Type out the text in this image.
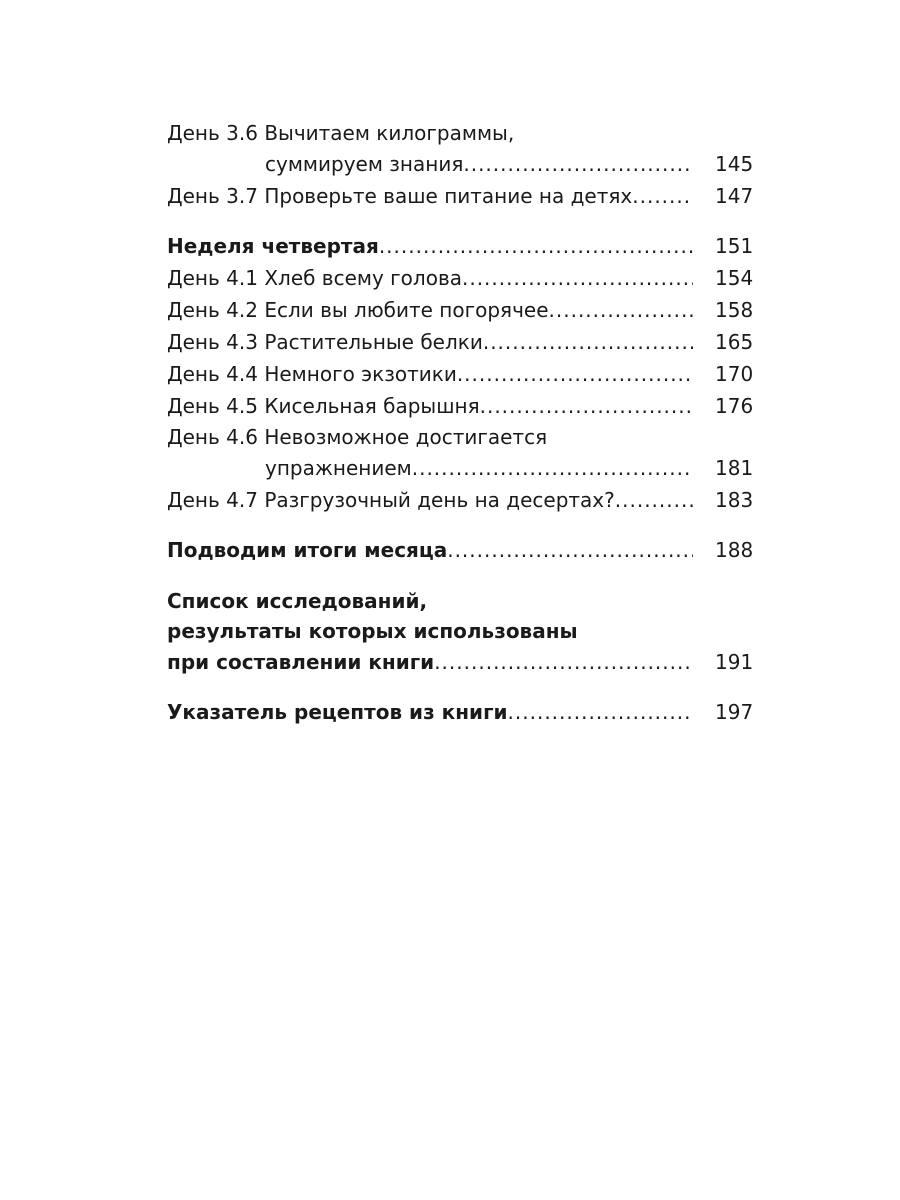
День 3.6 Вычитаем килограммы,
суммируем знания .....	145
День 3.7 Проверьте ваше питание на детях .....	147
Неделя четвертая .....	151
День 4.1 Хлеб всему голова .....	154
День 4.2 Если вы любите погорячее .....	158
День 4.3 Растительные белки .....	165
День 4.4 Немного экзотики .....	170
День 4.5 Кисельная барышня .....	176
День 4.6 Невозможное достигается
упражнением .....	181
День 4.7 Разгрузочный день на десертах? .....	183
Подводим итоги месяца .....	188
Список исследований,
результаты которых использованы
при составлении книги .....	191
Указатель рецептов из книги .....	197
